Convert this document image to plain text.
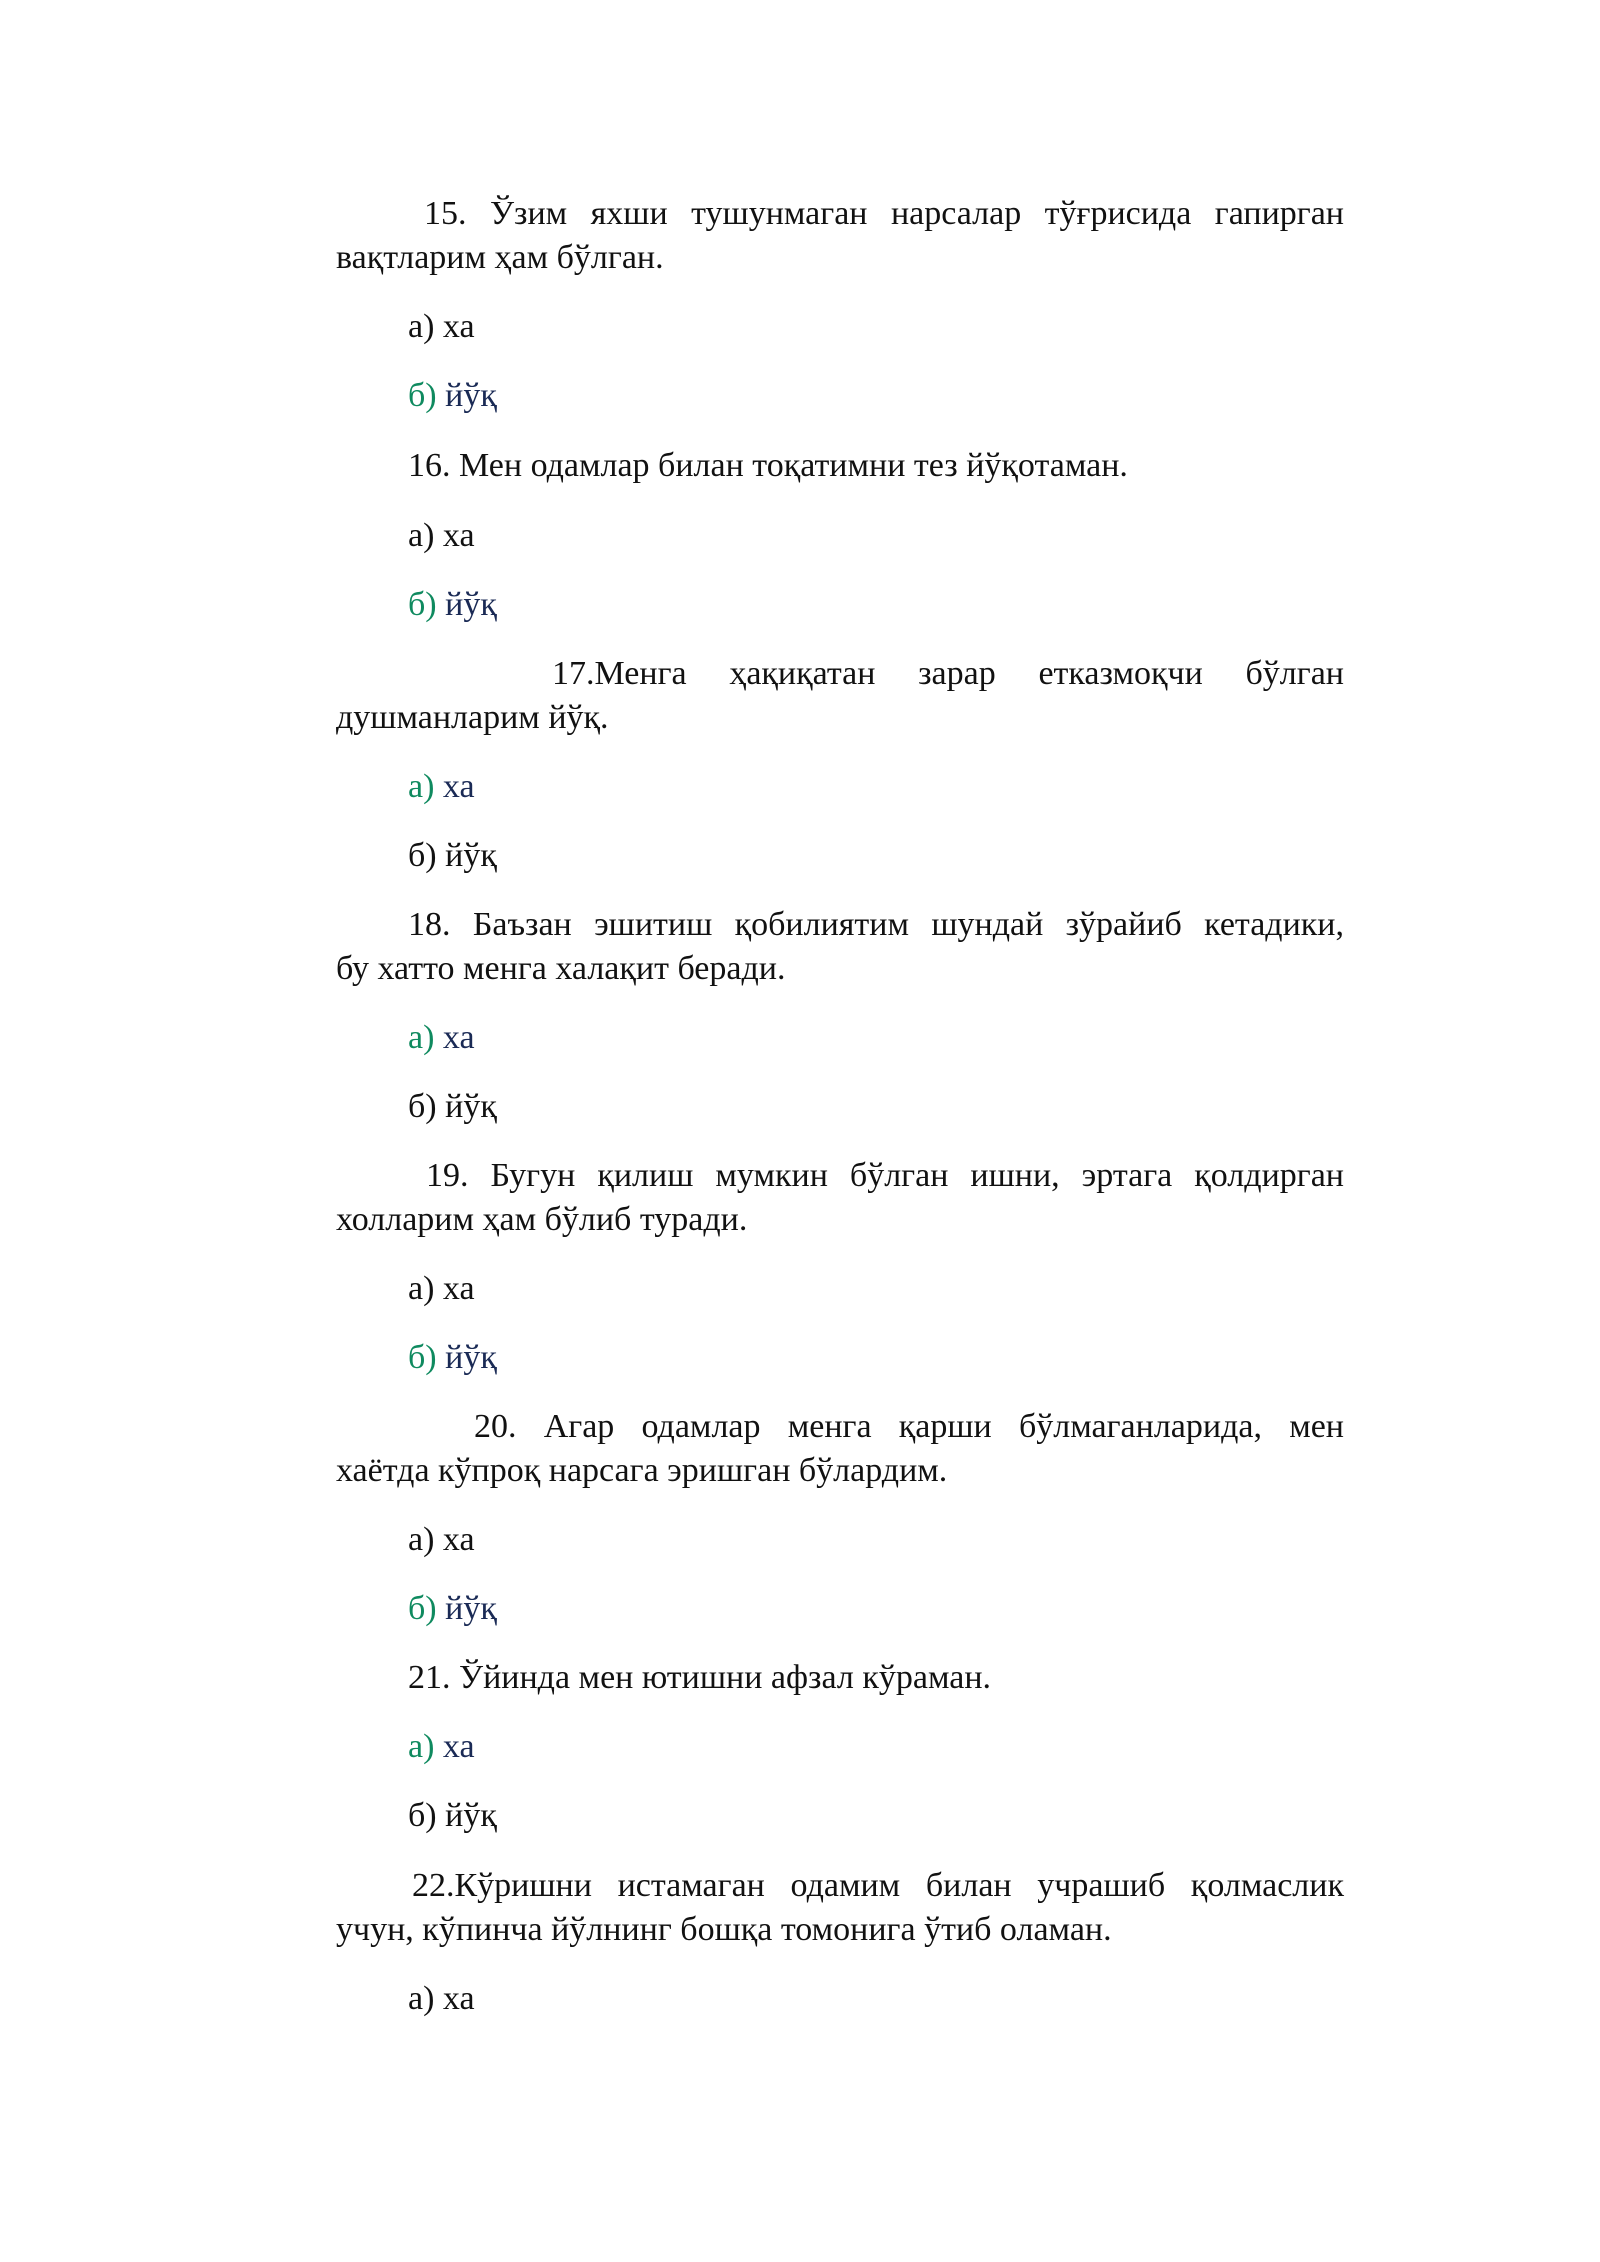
15. Ўзим яхши тушунмаган нарсалар тўғрисида гапирган
вақтларим ҳам бўлган.
а) ха
б) йўқ
16. Мен одамлар билан тоқатимни тез йўқотаман.
а) ха
б) йўқ
17.Менга ҳақиқатан зарар етказмоқчи бўлган
душманларим йўқ.
а) ха
б) йўқ
18. Баъзан эшитиш қобилиятим шундай зўрайиб кетадики,
бу хатто менга халақит беради.
а) ха
б) йўқ
19. Бугун қилиш мумкин бўлган ишни, эртага қолдирган
холларим ҳам бўлиб туради.
а) ха
б) йўқ
20. Агар одамлар менга қарши бўлмаганларида, мен
хаётда кўпроқ нарсага эришган бўлардим.
а) ха
б) йўқ
21. Ўйинда мен ютишни афзал кўраман.
а) ха
б) йўқ
22.Кўришни истамаган одамим билан учрашиб қолмаслик
учун, кўпинча йўлнинг бошқа томонига ўтиб оламан.
а) ха
